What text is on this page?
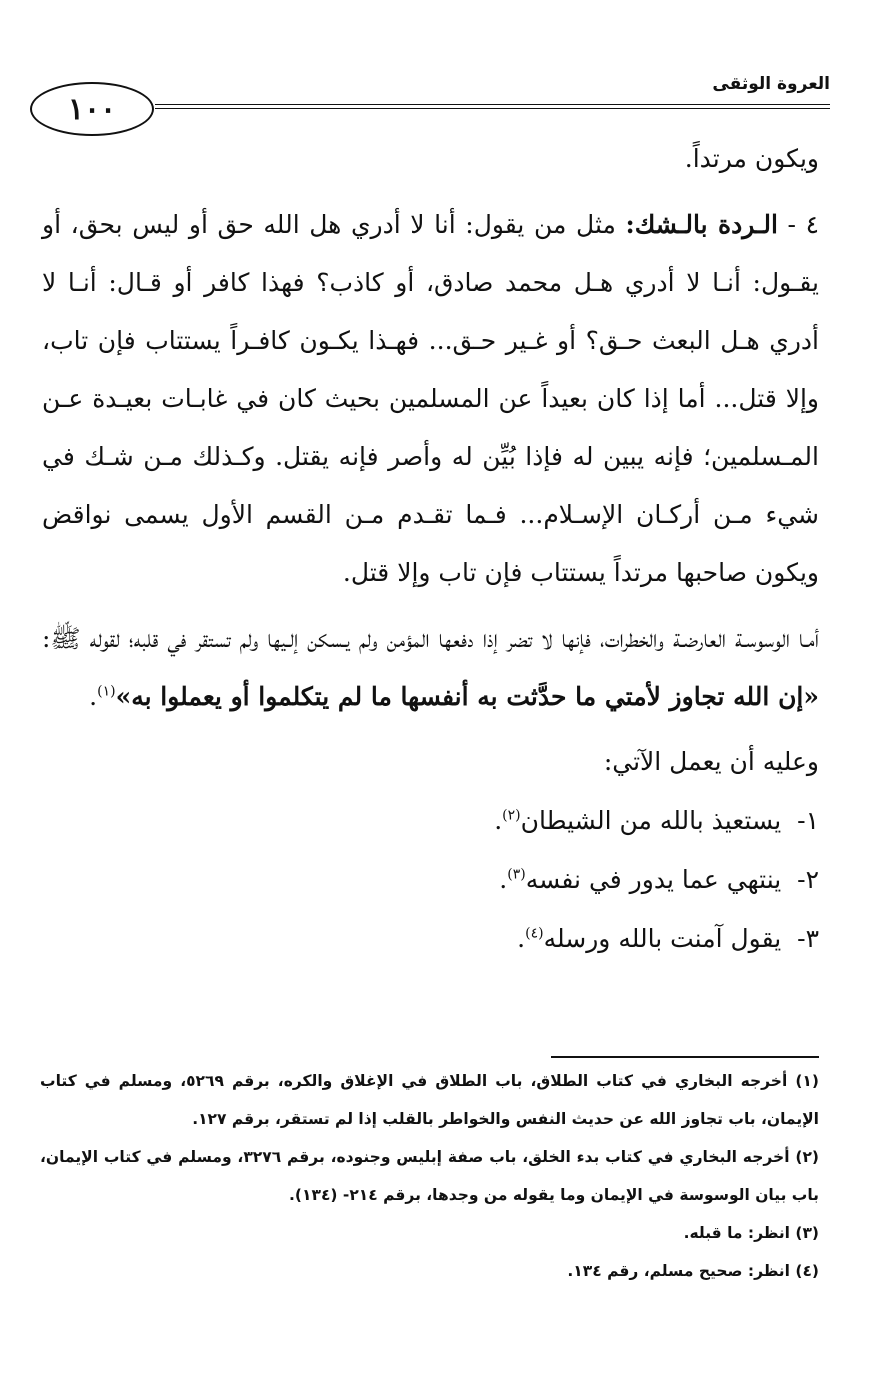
١٠٠
العروة الوثقى

ويكون مرتداً.

٤ - الـردة بالـشك: مثل من يقول: أنا لا أدري هل الله حق أو ليس بحق، أو يقـول: أنـا لا أدري هـل محمد صادق، أو كاذب؟ فهذا كافر أو قـال: أنـا لا أدري هـل البعث حـق؟ أو غـير حـق... فهـذا يكـون كافـراً يستتاب فإن تاب، وإلا قتل... أما إذا كان بعيداً عن المسلمين بحيث كان في غابـات بعيـدة عـن المـسلمين؛ فإنه يبين له فإذا بُيِّن له وأصر فإنه يقتل. وكـذلك مـن شـك في شيء مـن أركـان الإسـلام... فـما تقـدم مـن القسم الأول يسمى نواقض ويكون صاحبها مرتداً يستتاب فإن تاب وإلا قتل.

أمـا الوسوسـة العارضـة والخطرات، فإنها لا تضر إذا دفعها المؤمن ولم يـسكن إلـيها ولم تستقر في قلبه؛ لقوله ﷺ: «إن الله تجاوز لأمتي ما حدَّثت به أنفسها ما لم يتكلموا أو يعملوا به»$^{(١)}$.

وعليه أن يعمل الآتي:
١-  يستعيذ بالله من الشيطان$^{(٢)}$.
٢-  ينتهي عما يدور في نفسه$^{(٣)}$.
٣-  يقول آمنت بالله ورسله$^{(٤)}$.

(١) أخرجه البخاري في كتاب الطلاق، باب الطلاق في الإغلاق والكره، برقم ٥٢٦٩، ومسلم في كتاب الإيمان، باب تجاوز الله عن حديث النفس والخواطر بالقلب إذا لم تستقر، برقم ١٢٧.

(٢) أخرجه البخاري في كتاب بدء الخلق، باب صفة إبليس وجنوده، برقم ٣٢٧٦، ومسلم في كتاب الإيمان، باب بيان الوسوسة في الإيمان وما يقوله من وجدها، برقم ٢١٤- (١٣٤).

(٣) انظر: ما قبله.

(٤) انظر: صحيح مسلم، رقم ١٣٤.
